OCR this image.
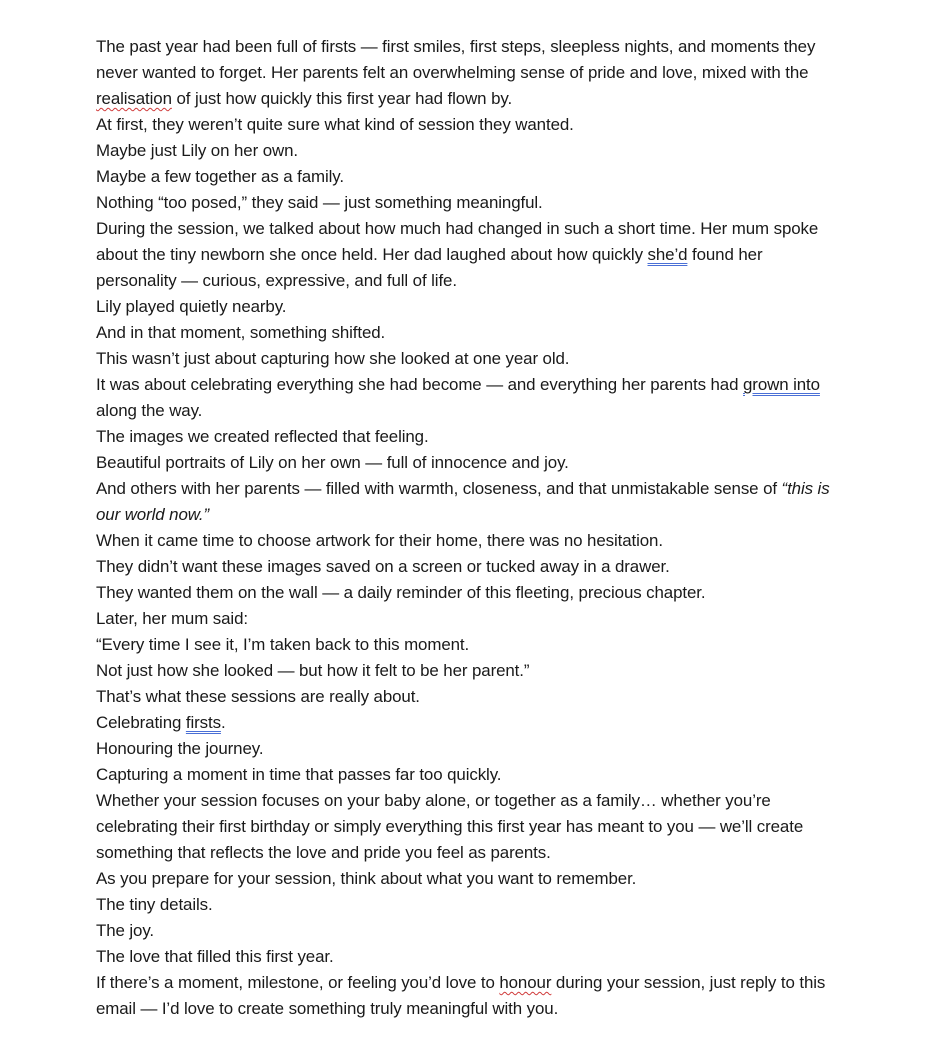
The past year had been full of firsts — first smiles, first steps, sleepless nights, and moments they never wanted to forget. Her parents felt an overwhelming sense of pride and love, mixed with the realisation of just how quickly this first year had flown by.

At first, they weren’t quite sure what kind of session they wanted.

Maybe just Lily on her own.

Maybe a few together as a family.

Nothing “too posed,” they said — just something meaningful.

During the session, we talked about how much had changed in such a short time. Her mum spoke about the tiny newborn she once held. Her dad laughed about how quickly she’d found her personality — curious, expressive, and full of life.

Lily played quietly nearby.

And in that moment, something shifted.

This wasn’t just about capturing how she looked at one year old.

It was about celebrating everything she had become — and everything her parents had grown into along the way.

The images we created reflected that feeling.

Beautiful portraits of Lily on her own — full of innocence and joy.

And others with her parents — filled with warmth, closeness, and that unmistakable sense of “this is our world now.”

When it came time to choose artwork for their home, there was no hesitation.

They didn’t want these images saved on a screen or tucked away in a drawer.

They wanted them on the wall — a daily reminder of this fleeting, precious chapter.

Later, her mum said:

“Every time I see it, I’m taken back to this moment.

Not just how she looked — but how it felt to be her parent.”

That’s what these sessions are really about.

Celebrating firsts.

Honouring the journey.

Capturing a moment in time that passes far too quickly.

Whether your session focuses on your baby alone, or together as a family… whether you’re celebrating their first birthday or simply everything this first year has meant to you — we’ll create something that reflects the love and pride you feel as parents.

As you prepare for your session, think about what you want to remember.

The tiny details.

The joy.

The love that filled this first year.

If there’s a moment, milestone, or feeling you’d love to honour during your session, just reply to this email — I’d love to create something truly meaningful with you.
